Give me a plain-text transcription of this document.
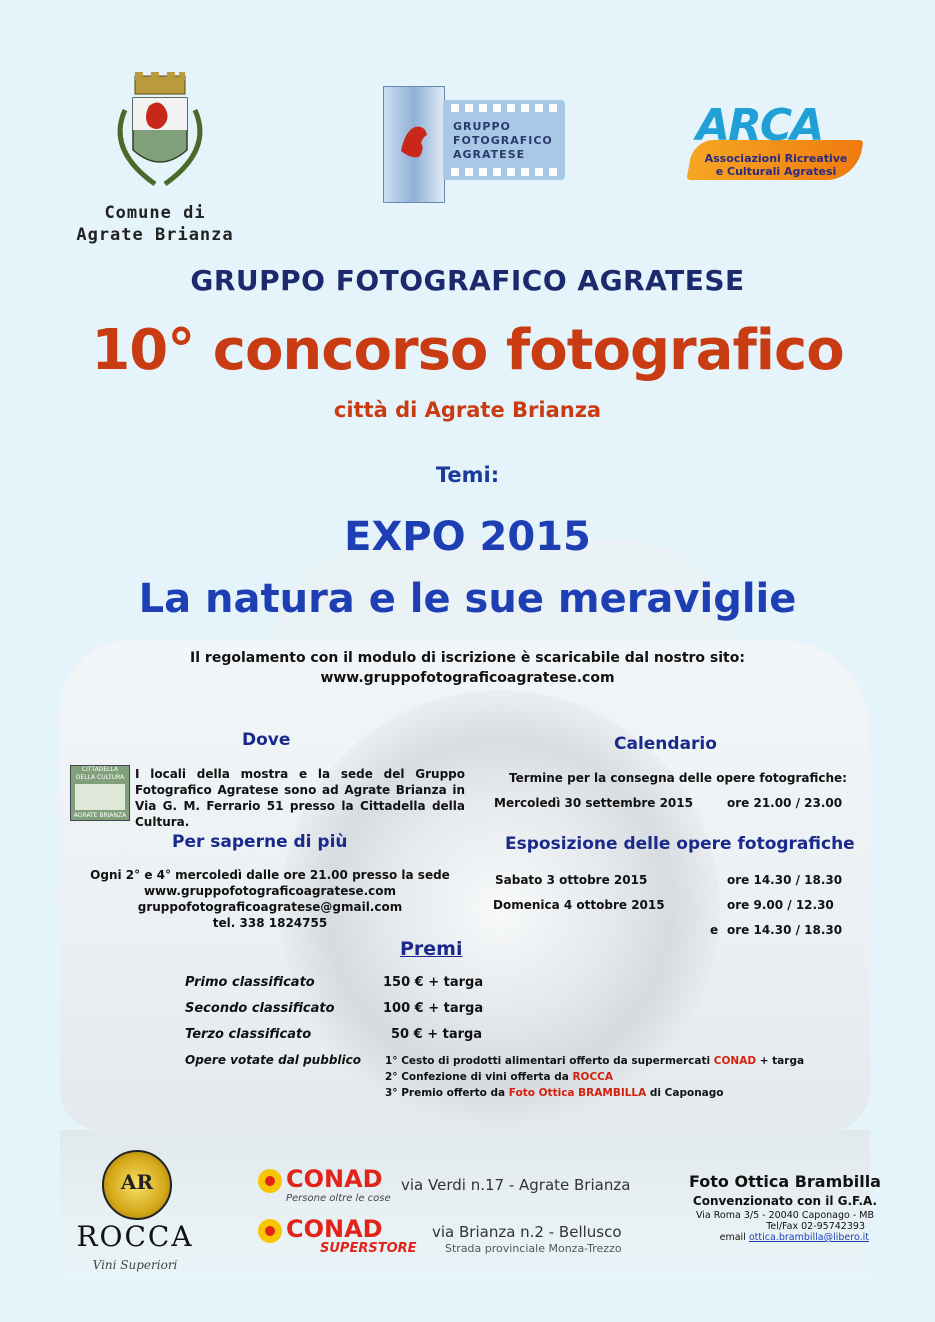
Comune di
Agrate Brianza
GRUPPO
FOTOGRAFICO
AGRATESE
ARCA
Associazioni Ricreative
e Culturali Agratesi
GRUPPO FOTOGRAFICO AGRATESE
10° concorso fotografico
città di Agrate Brianza
Temi:
EXPO 2015
La natura e le sue meraviglie
Il regolamento con il modulo di iscrizione è scaricabile dal nostro sito:
www.gruppofotograficoagratese.com
Dove
CITTADELLA
DELLA CULTURA
AGRATE BRIANZA
I locali della mostra e la sede del Gruppo Fotografico Agratese sono ad Agrate Brianza in Via G. M. Ferrario 51 presso la Cittadella della Cultura.
Per saperne di più
Ogni 2° e 4° mercoledì dalle ore 21.00 presso la sede
www.gruppofotograficoagratese.com
gruppofotograficoagratese@gmail.com
tel. 338 1824755
Calendario
Termine per la consegna delle opere fotografiche:
Mercoledì 30 settembre 2015	ore 21.00 / 23.00
Esposizione delle opere fotografiche
Sabato 3 ottobre 2015	ore 14.30 / 18.30
Domenica 4 ottobre 2015	ore 9.00 / 12.30
e ore 14.30 / 18.30
Premi
Primo classificato	150 € + targa
Secondo classificato	100 € + targa
Terzo classificato	50 € + targa
Opere votate dal pubblico 1° Cesto di prodotti alimentari offerto da supermercati CONAD + targa
2° Confezione di vini offerta da ROCCA
3° Premio offerto da Foto Ottica BRAMBILLA di Caponago
AR
ROCCA
Vini Superiori
CONAD
Persone oltre le cose
via Verdi n.17 - Agrate Brianza
CONAD
SUPERSTORE
via Brianza n.2 - Bellusco
Strada provinciale Monza-Trezzo
Foto Ottica Brambilla
Convenzionato con il G.F.A.
Via Roma 3/5 - 20040 Caponago - MB
Tel/Fax 02-95742393
email ottica.brambilla@libero.it
